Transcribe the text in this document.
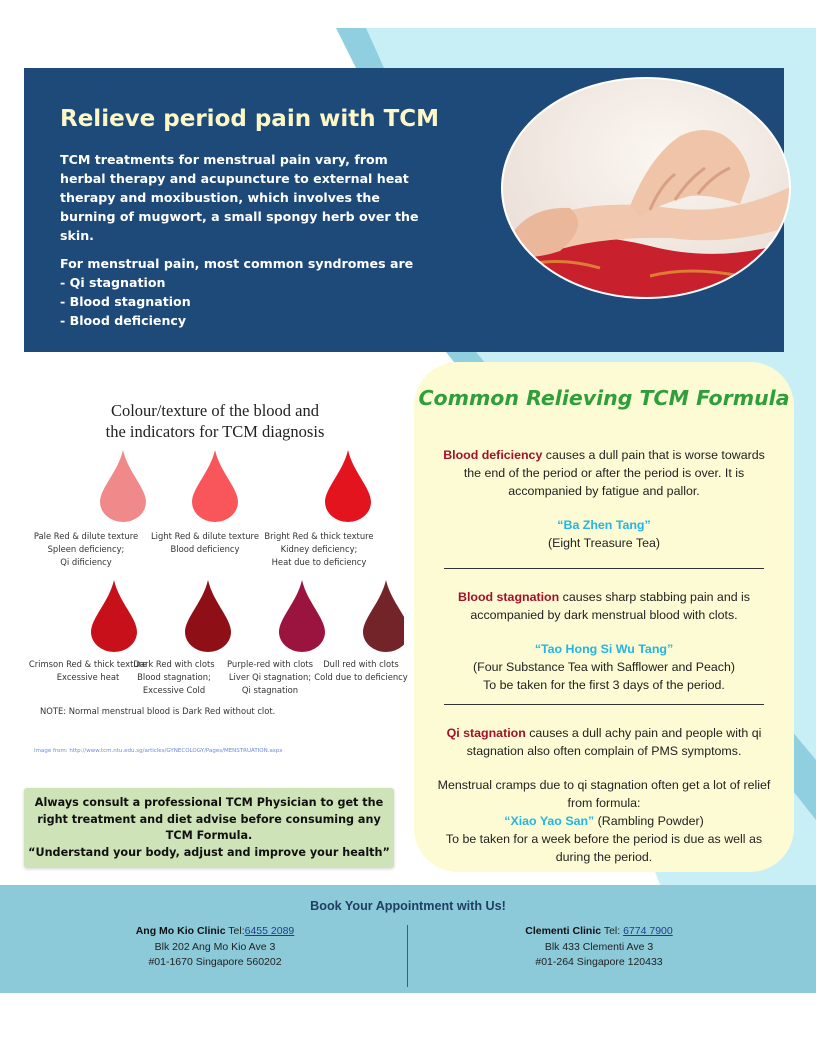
Relieve period pain with TCM

TCM treatments for menstrual pain vary, from herbal therapy and acupuncture to external heat therapy and moxibustion, which involves the burning of mugwort, a small spongy herb over the skin.

For menstrual pain, most common syndromes are
- Qi stagnation
- Blood stagnation
- Blood deficiency
Colour/texture of the blood and
the indicators for TCM diagnosis
Pale Red & dilute texture
Spleen deficiency;
Qi dificiency
Light Red & dilute texture
Blood deficiency
Bright Red & thick texture
Kidney deficiency;
Heat due to deficiency
Crimson Red & thick texture
Excessive heat
Dark Red with clots
Blood stagnation;
Excessive Cold
Purple-red with clots
Liver Qi stagnation;
Qi stagnation
Dull red with clots
Cold due to deficiency
NOTE: Normal menstrual blood is Dark Red without clot.
Image from: http://www.tcm.ntu.edu.sg/articles/GYNECOLOGY/Pages/MENSTRUATION.aspx
Always consult a professional TCM Physician to get the
right treatment and diet advise before consuming any
TCM Formula.
“Understand your body, adjust and improve your health”
Common Relieving TCM Formula

Blood deficiency causes a dull pain that is worse towards the end of the period or after the period is over. It is accompanied by fatigue and pallor.

“Ba Zhen Tang”

(Eight Treasure Tea)

Blood stagnation causes sharp stabbing pain and is accompanied by dark menstrual blood with clots.

“Tao Hong Si Wu Tang”

(Four Substance Tea with Safflower and Peach)

To be taken for the first 3 days of the period.

Qi stagnation causes a dull achy pain and people with qi stagnation also often complain of PMS symptoms.

Menstrual cramps due to qi stagnation often get a lot of relief from formula:

“Xiao Yao San” (Rambling Powder)

To be taken for a week before the period is due as well as during the period.

Book Your Appointment with Us!
Ang Mo Kio Clinic Tel:6455 2089
Blk 202 Ang Mo Kio Ave 3
#01-1670 Singapore 560202
Clementi Clinic Tel: 6774 7900
Blk 433 Clementi Ave 3
#01-264 Singapore 120433
